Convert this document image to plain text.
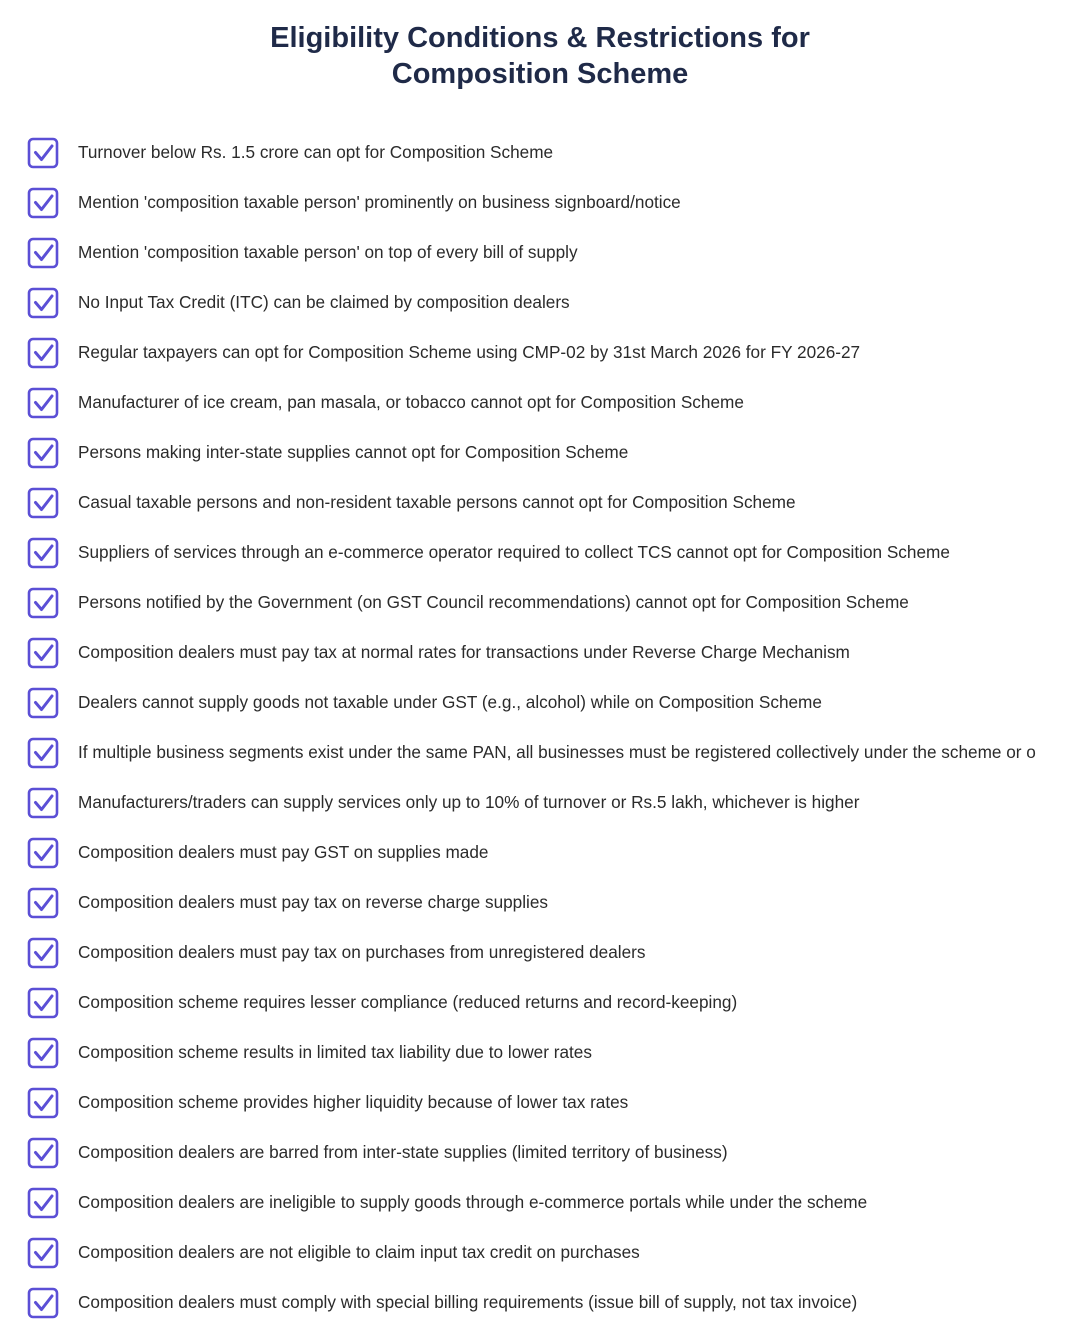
Eligibility Conditions & Restrictions for
Composition Scheme
Turnover below Rs. 1.5 crore can opt for Composition Scheme
Mention 'composition taxable person' prominently on business signboard/notice
Mention 'composition taxable person' on top of every bill of supply
No Input Tax Credit (ITC) can be claimed by composition dealers
Regular taxpayers can opt for Composition Scheme using CMP-02 by 31st March 2026 for FY 2026-27
Manufacturer of ice cream, pan masala, or tobacco cannot opt for Composition Scheme
Persons making inter-state supplies cannot opt for Composition Scheme
Casual taxable persons and non-resident taxable persons cannot opt for Composition Scheme
Suppliers of services through an e-commerce operator required to collect TCS cannot opt for Composition Scheme
Persons notified by the Government (on GST Council recommendations) cannot opt for Composition Scheme
Composition dealers must pay tax at normal rates for transactions under Reverse Charge Mechanism
Dealers cannot supply goods not taxable under GST (e.g., alcohol) while on Composition Scheme
If multiple business segments exist under the same PAN, all businesses must be registered collectively under the scheme or o
Manufacturers/traders can supply services only up to 10% of turnover or Rs.5 lakh, whichever is higher
Composition dealers must pay GST on supplies made
Composition dealers must pay tax on reverse charge supplies
Composition dealers must pay tax on purchases from unregistered dealers
Composition scheme requires lesser compliance (reduced returns and record-keeping)
Composition scheme results in limited tax liability due to lower rates
Composition scheme provides higher liquidity because of lower tax rates
Composition dealers are barred from inter-state supplies (limited territory of business)
Composition dealers are ineligible to supply goods through e-commerce portals while under the scheme
Composition dealers are not eligible to claim input tax credit on purchases
Composition dealers must comply with special billing requirements (issue bill of supply, not tax invoice)
